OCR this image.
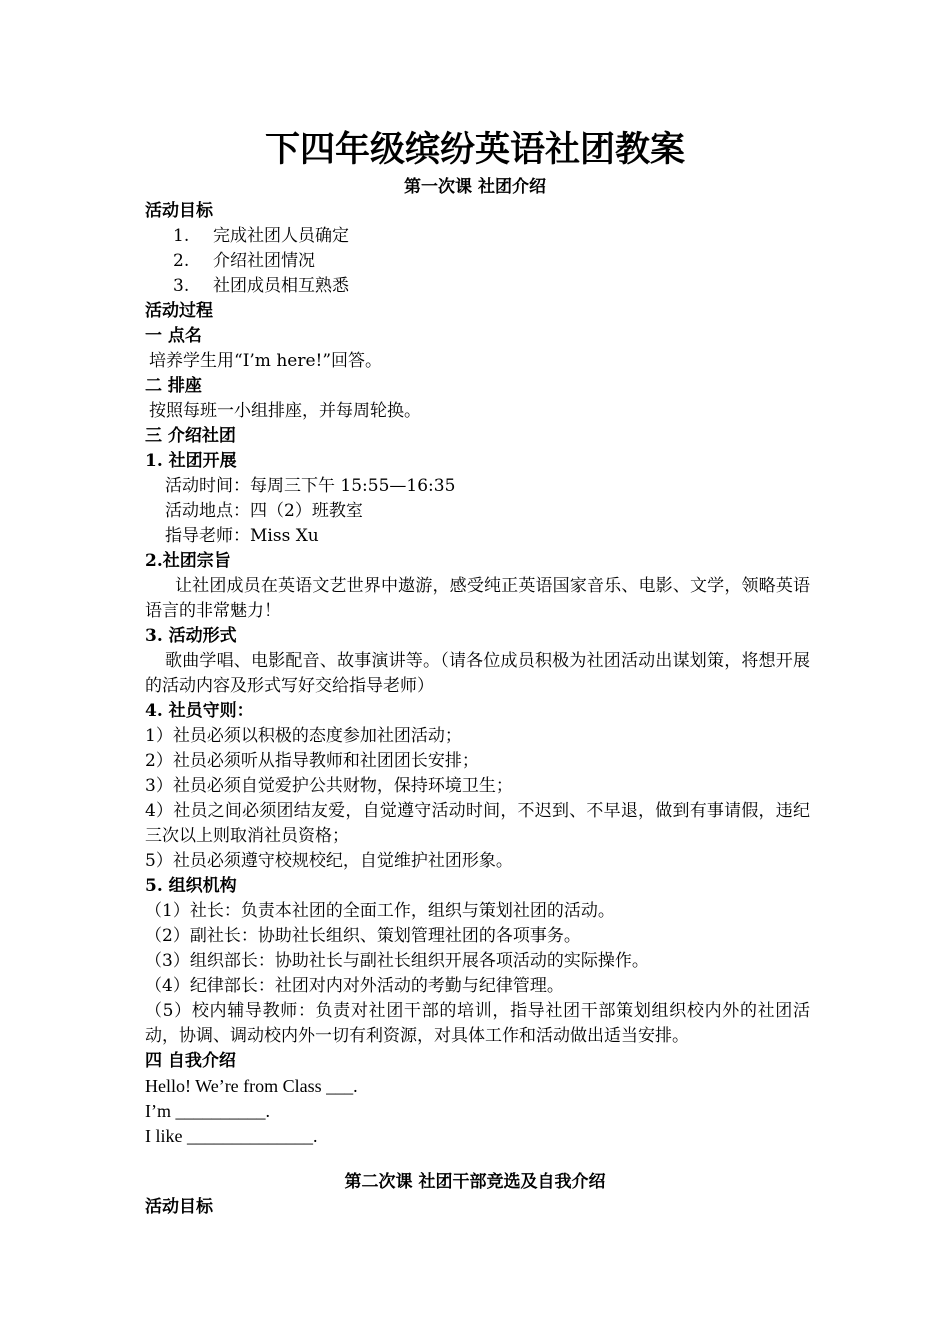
下四年级缤纷英语社团教案
第一次课 社团介绍
活动目标
1. 完成社团人员确定
2. 介绍社团情况
3. 社团成员相互熟悉
活动过程
一 点名
培养学生用“I’m here!”回答。
二 排座
按照每班一小组排座，并每周轮换。
三 介绍社团
1. 社团开展
活动时间：每周三下午 15:55—16:35
活动地点：四（2）班教室
指导老师：Miss Xu
2.社团宗旨
让社团成员在英语文艺世界中遨游，感受纯正英语国家音乐、电影、文学，领略英语语言的非常魅力！
3. 活动形式
歌曲学唱、电影配音、故事演讲等。（请各位成员积极为社团活动出谋划策，将想开展的活动内容及形式写好交给指导老师）
4. 社员守则：
1）社员必须以积极的态度参加社团活动；
2）社员必须听从指导教师和社团团长安排；
3）社员必须自觉爱护公共财物，保持环境卫生；
4）社员之间必须团结友爱，自觉遵守活动时间，不迟到、不早退，做到有事请假，违纪三次以上则取消社员资格；
5）社员必须遵守校规校纪，自觉维护社团形象。
5. 组织机构
（1）社长：负责本社团的全面工作，组织与策划社团的活动。
（2）副社长：协助社长组织、策划管理社团的各项事务。
（3）组织部长：协助社长与副社长组织开展各项活动的实际操作。
（4）纪律部长：社团对内对外活动的考勤与纪律管理。
（5）校内辅导教师：负责对社团干部的培训，指导社团干部策划组织校内外的社团活动，协调、调动校内外一切有利资源，对具体工作和活动做出适当安排。
四 自我介绍
Hello! We’re from Class ___.
I’m __________.
I like ______________.
第二次课 社团干部竞选及自我介绍
活动目标
